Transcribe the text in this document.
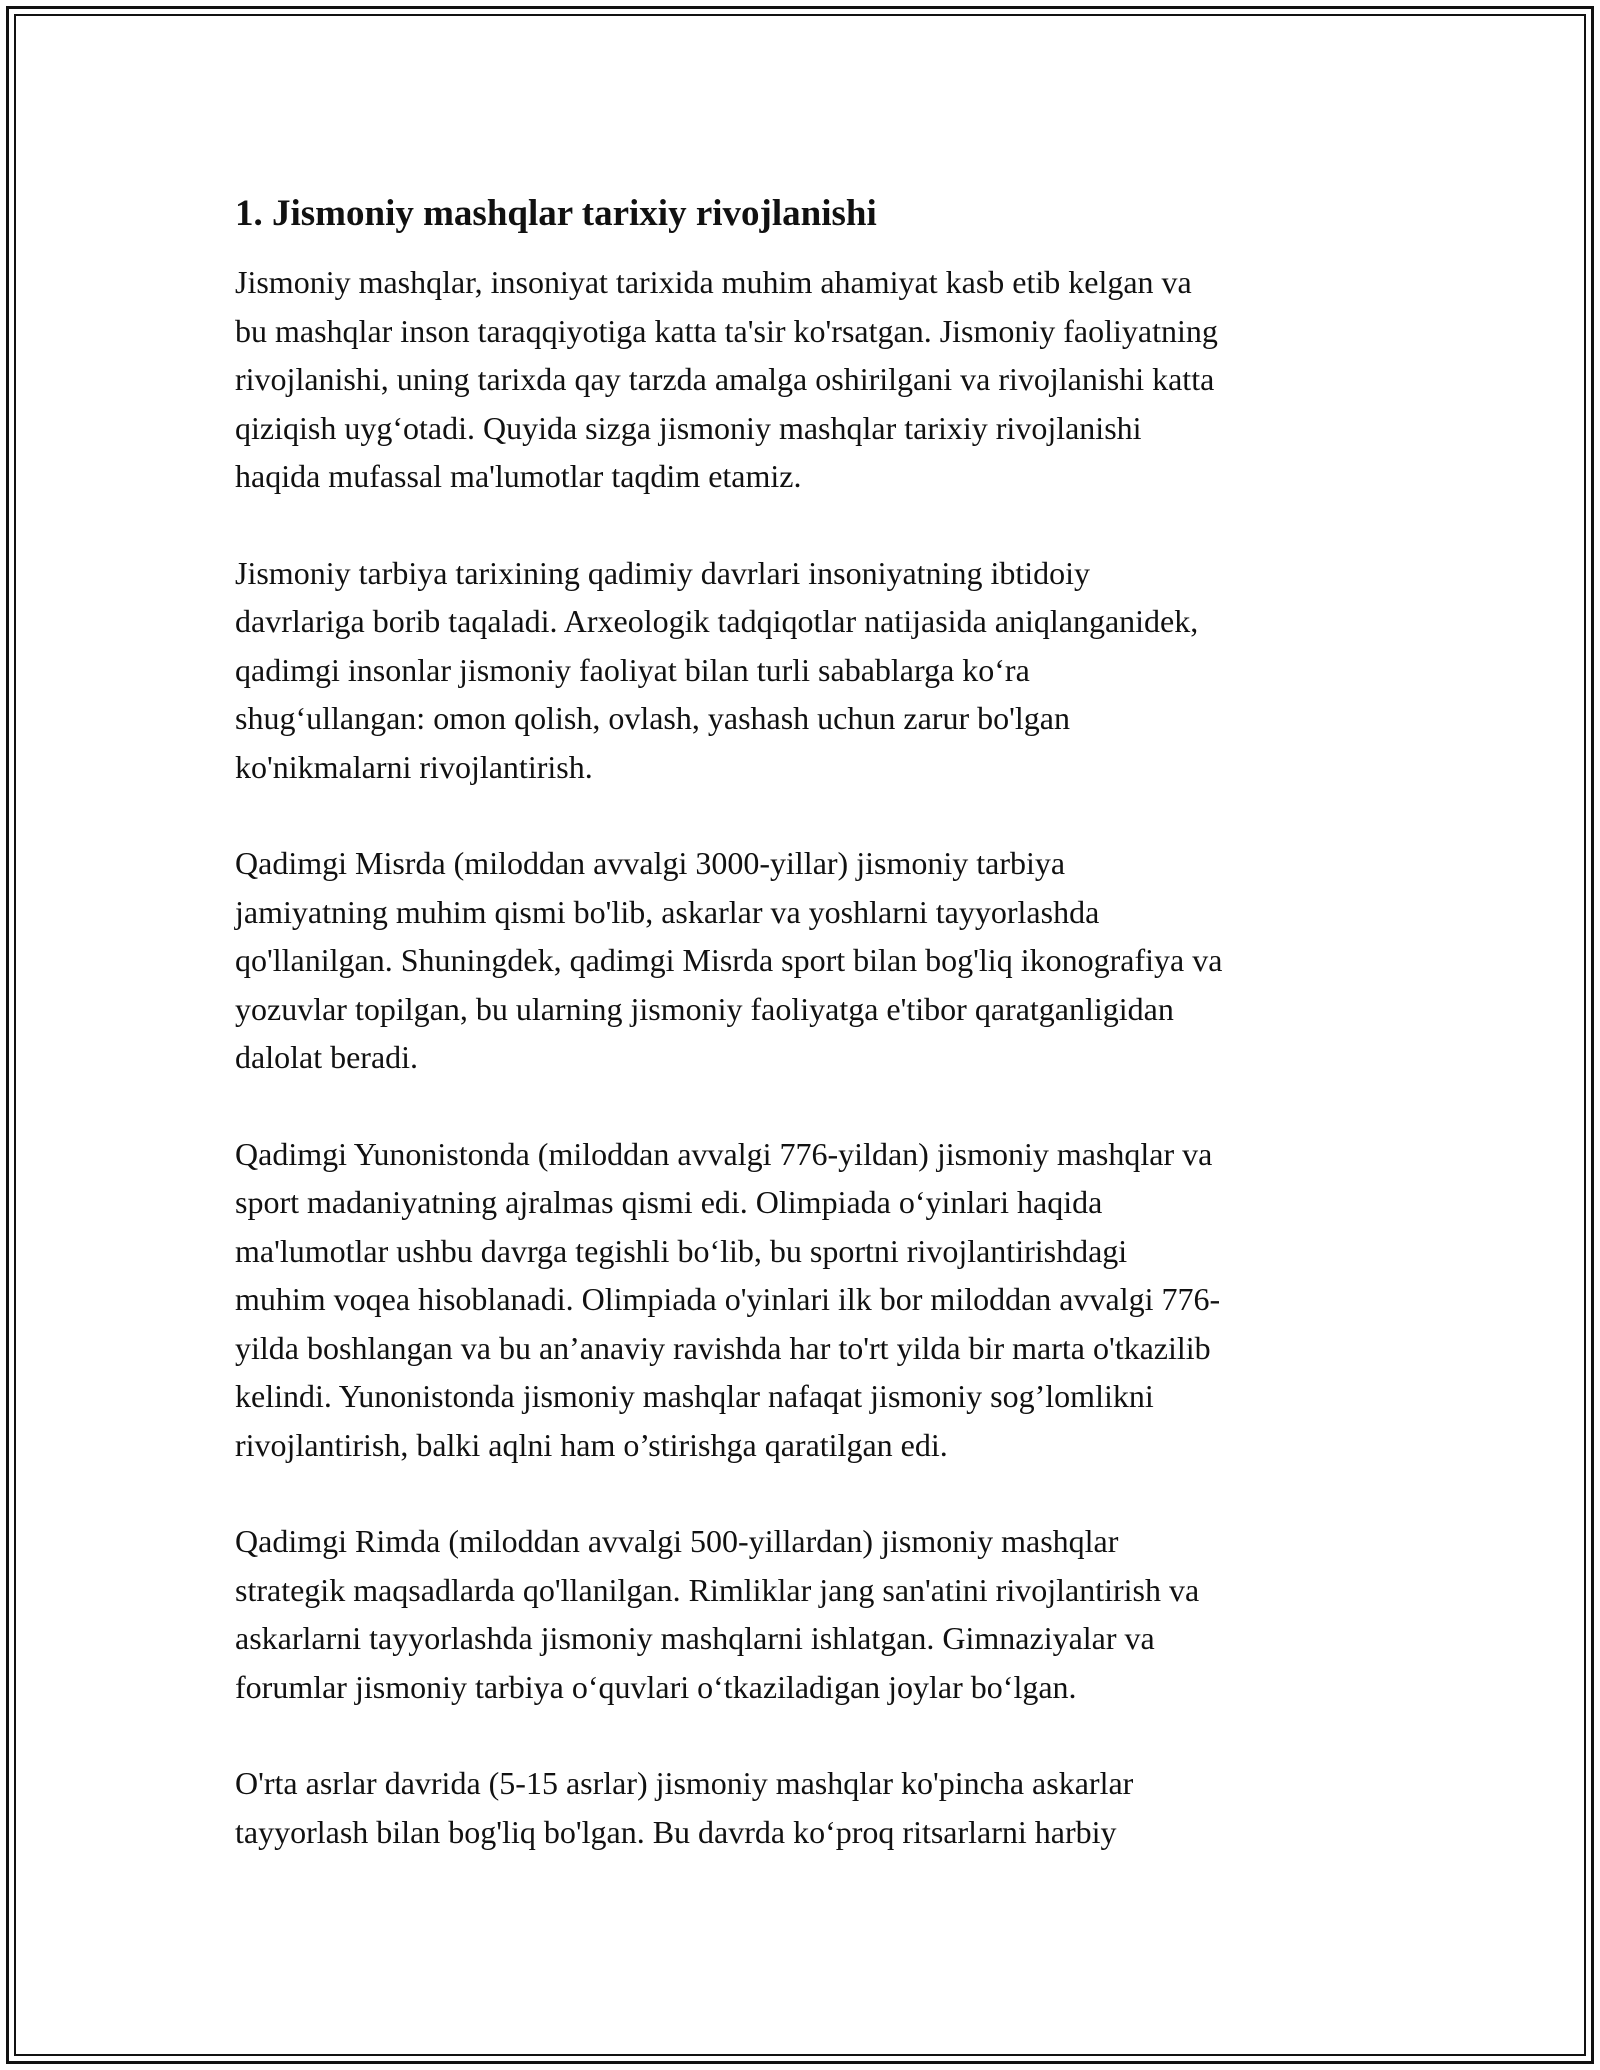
1. Jismoniy mashqlar tarixiy rivojlanishi

Jismoniy mashqlar, insoniyat tarixida muhim ahamiyat kasb etib kelgan va
bu mashqlar inson taraqqiyotiga katta ta'sir ko'rsatgan. Jismoniy faoliyatning
rivojlanishi, uning tarixda qay tarzda amalga oshirilgani va rivojlanishi katta
qiziqish uyg‘otadi. Quyida sizga jismoniy mashqlar tarixiy rivojlanishi
haqida mufassal ma'lumotlar taqdim etamiz.

Jismoniy tarbiya tarixining qadimiy davrlari insoniyatning ibtidoiy
davrlariga borib taqaladi. Arxeologik tadqiqotlar natijasida aniqlanganidek,
qadimgi insonlar jismoniy faoliyat bilan turli sabablarga ko‘ra
shug‘ullangan: omon qolish, ovlash, yashash uchun zarur bo'lgan
ko'nikmalarni rivojlantirish.

Qadimgi Misrda (miloddan avvalgi 3000-yillar) jismoniy tarbiya
jamiyatning muhim qismi bo'lib, askarlar va yoshlarni tayyorlashda
qo'llanilgan. Shuningdek, qadimgi Misrda sport bilan bog'liq ikonografiya va
yozuvlar topilgan, bu ularning jismoniy faoliyatga e'tibor qaratganligidan
dalolat beradi.

Qadimgi Yunonistonda (miloddan avvalgi 776-yildan) jismoniy mashqlar va
sport madaniyatning ajralmas qismi edi. Olimpiada o‘yinlari haqida
ma'lumotlar ushbu davrga tegishli bo‘lib, bu sportni rivojlantirishdagi
muhim voqea hisoblanadi. Olimpiada o'yinlari ilk bor miloddan avvalgi 776-
yilda boshlangan va bu an’anaviy ravishda har to'rt yilda bir marta o'tkazilib
kelindi. Yunonistonda jismoniy mashqlar nafaqat jismoniy sog’lomlikni
rivojlantirish, balki aqlni ham o’stirishga qaratilgan edi.

Qadimgi Rimda (miloddan avvalgi 500-yillardan) jismoniy mashqlar
strategik maqsadlarda qo'llanilgan. Rimliklar jang san'atini rivojlantirish va
askarlarni tayyorlashda jismoniy mashqlarni ishlatgan. Gimnaziyalar va
forumlar jismoniy tarbiya o‘quvlari o‘tkaziladigan joylar bo‘lgan.

O'rta asrlar davrida (5-15 asrlar) jismoniy mashqlar ko'pincha askarlar
tayyorlash bilan bog'liq bo'lgan. Bu davrda ko‘proq ritsarlarni harbiy
